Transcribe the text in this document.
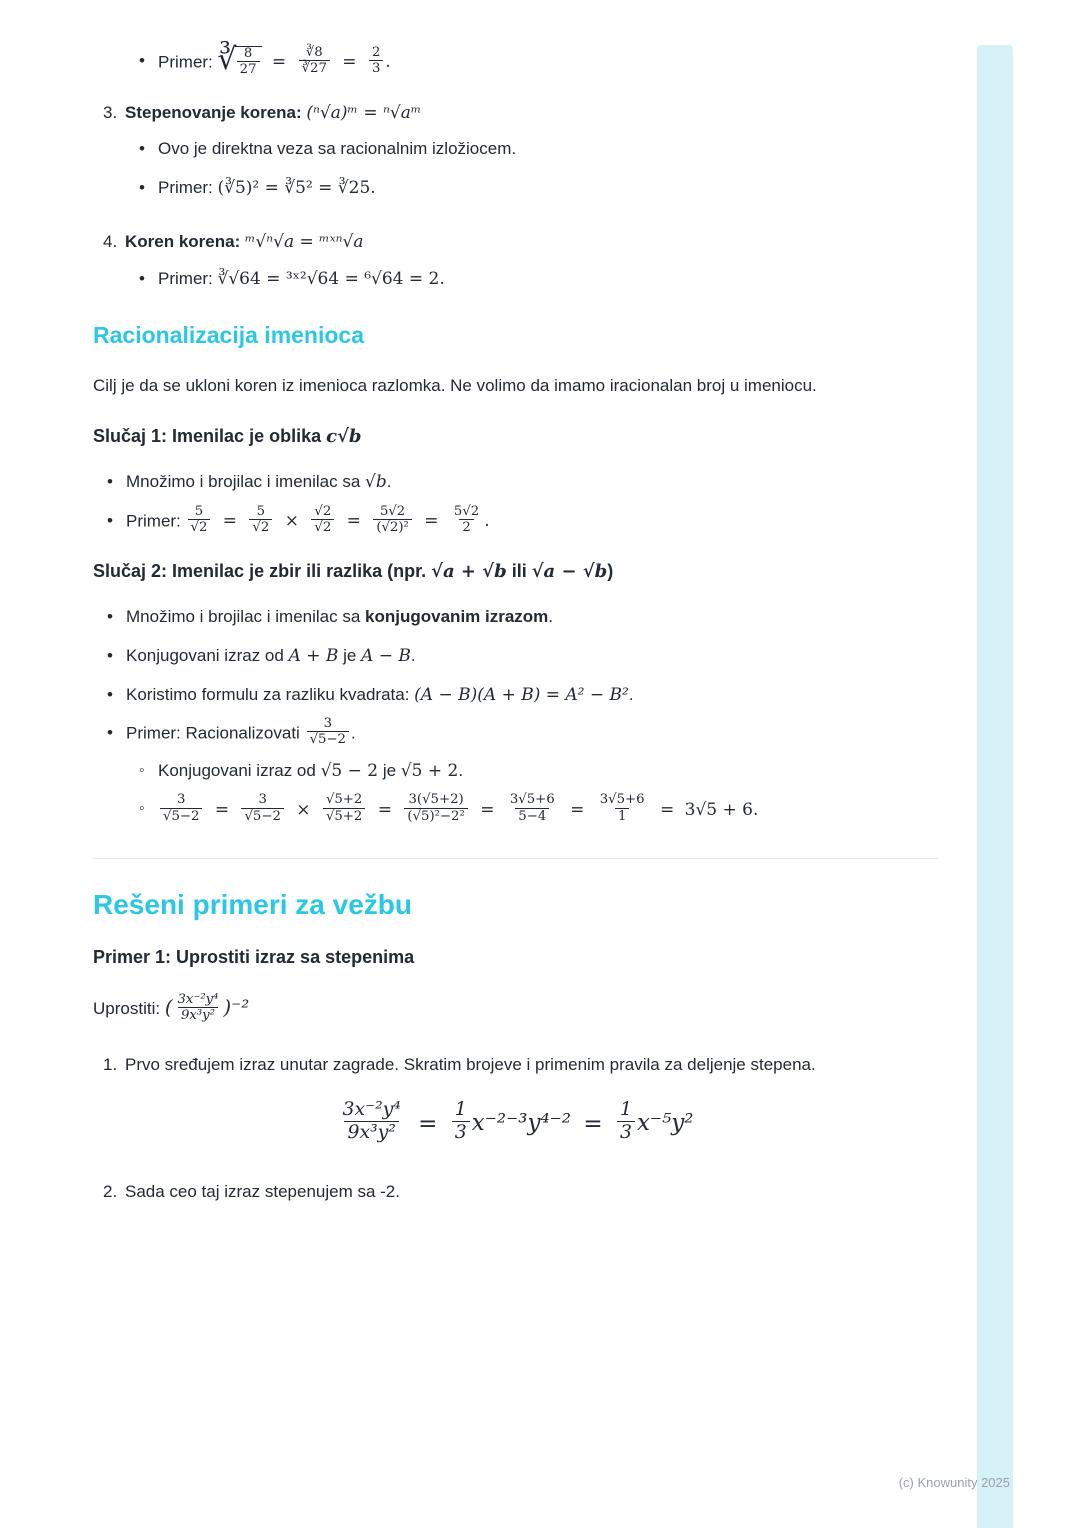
• Primer: ∛ $\frac{8}{27} = \frac{∛8}{∛27} = \frac{2}{3}$ .
3. Stepenovanje korena: (ⁿ√a)ᵐ = ⁿ√aᵐ
• Ovo je direktna veza sa racionalnim izložiocem.
• Primer: (∛5)² = ∛5² = ∛25.
4. Koren korena: ᵐ√ⁿ√a = ᵐˣⁿ√a
• Primer: ∛√64 = ³ˣ²√64 = ⁶√64 = 2.
Racionalizacija imenioca

Cilj je da se ukloni koren iz imenioca razlomka. Ne volimo da imamo iracionalan broj u imeniocu.

Slučaj 1: Imenilac je oblika c√b
• Množimo i brojilac i imenilac sa √b.
• Primer: $\frac{5}{√2} = \frac{5}{√2} \times \frac{√2}{√2} = \frac{5√2}{\text{(√2)²}} = \frac{5√2}{2}$ .
Slučaj 2: Imenilac je zbir ili razlika (npr. √a + √b ili √a − √b)
• Množimo i brojilac i imenilac sa konjugovanim izrazom.
• Konjugovani izraz od A + B je A − B.
• Koristimo formulu za razliku kvadrata: (A − B)(A + B) = A² − B².
• Primer: Racionalizovati $\frac{3}{√5-2}$ .
◦ Konjugovani izraz od √5 − 2 je √5 + 2.
◦ $\frac{3}{√5-2} = \frac{3}{√5-2} \times \frac{√5+2}{√5+2} = \frac{3(√5+2)}{\text{(√5)²−2²}} = \frac{3√5+6}{5-4} = \frac{3√5+6}{1} = 3√5 + 6$.
Rešeni primeri za vežbu
Primer 1: Uprostiti izraz sa stepenima

Uprostiti: ( $\frac{\text{3x⁻²y⁴}}{\text{9x³y²}} )^{-2}$

1. Prvo sređujem izraz unutar zagrade. Skratim brojeve i primenim pravila za deljenje stepena.
$\frac{\text{3x⁻²y⁴}}{\text{9x³y²}} = \frac{1}{3} x^{-2-3}y^{4-2} = \frac{1}{3} x^{-5}y^2$
2. Sada ceo taj izraz stepenujem sa -2.
(c) Knowunity 2025
